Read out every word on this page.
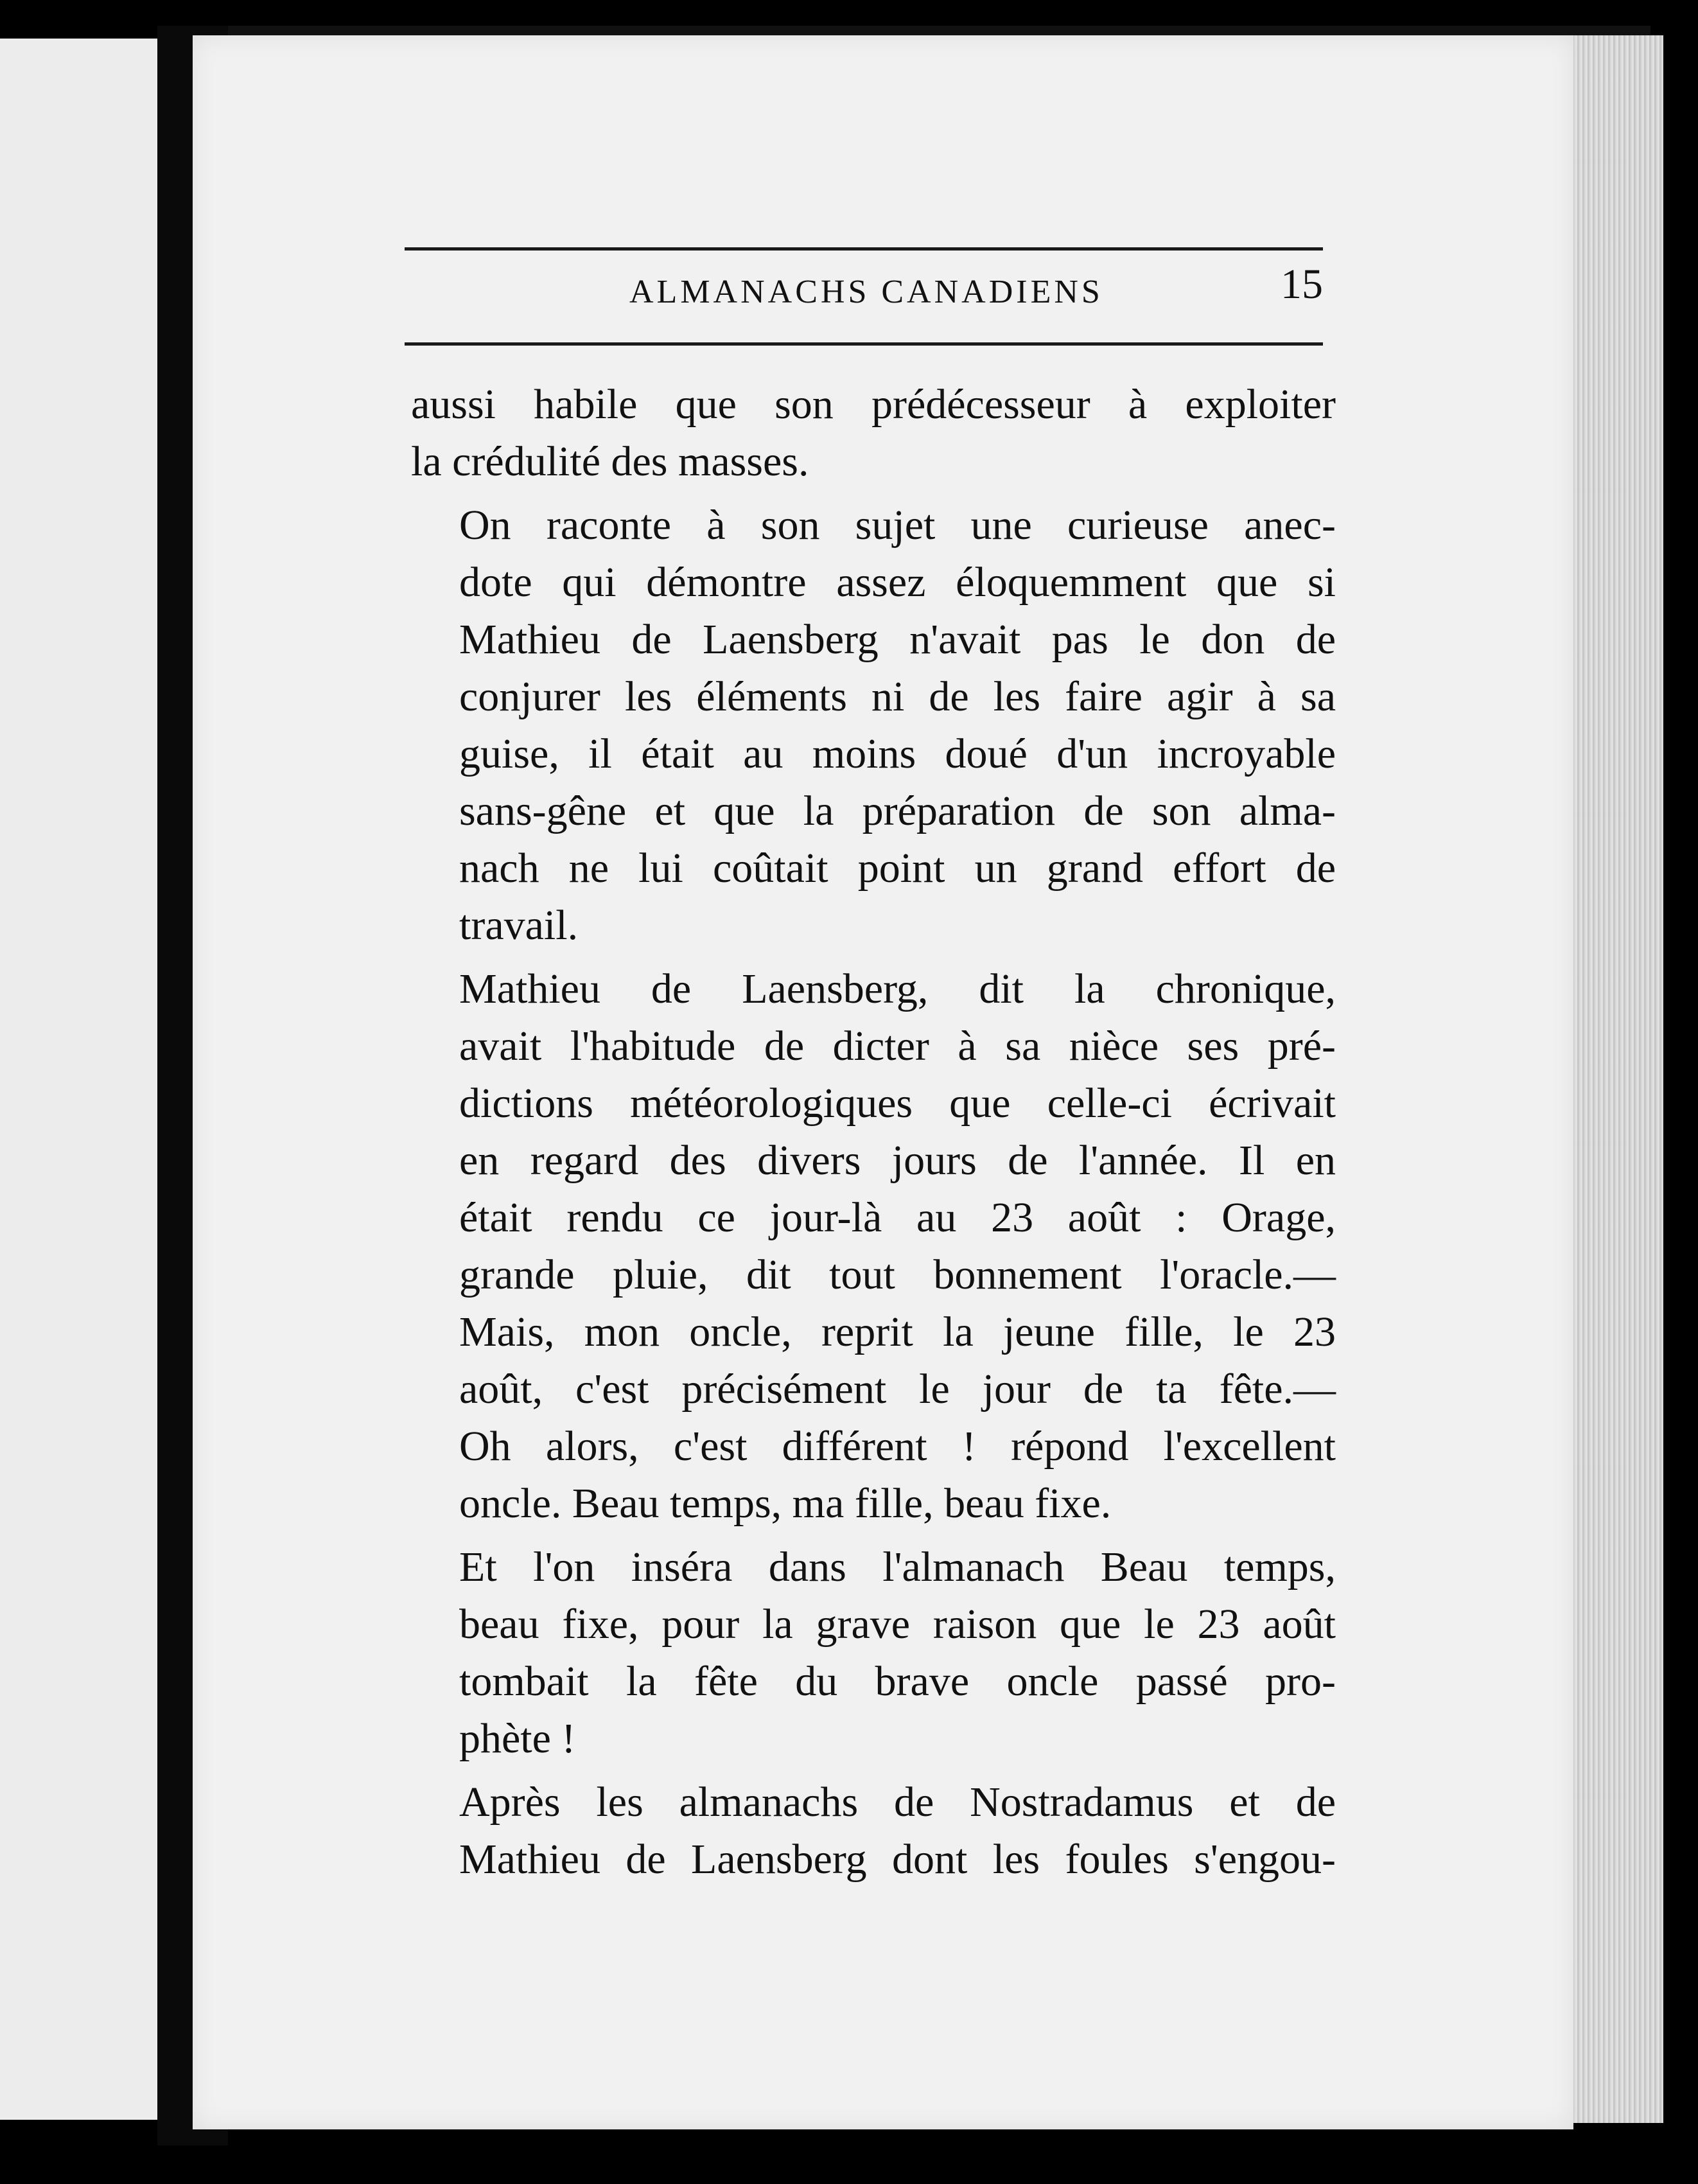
ALMANACHS CANADIENS	15

aussi habile que son prédécesseur à exploiter
la crédulité des masses.

On raconte à son sujet une curieuse anec-
dote qui démontre assez éloquemment que si
Mathieu de Laensberg n'avait pas le don de
conjurer les éléments ni de les faire agir à sa
guise, il était au moins doué d'un incroyable
sans-gêne et que la préparation de son alma-
nach ne lui coûtait point un grand effort de
travail.

Mathieu de Laensberg, dit la chronique,
avait l'habitude de dicter à sa nièce ses pré-
dictions météorologiques que celle-ci écrivait
en regard des divers jours de l'année. Il en
était rendu ce jour-là au 23 août : Orage,
grande pluie, dit tout bonnement l'oracle.—
Mais, mon oncle, reprit la jeune fille, le 23
août, c'est précisément le jour de ta fête.—
Oh alors, c'est différent ! répond l'excellent
oncle. Beau temps, ma fille, beau fixe.

Et l'on inséra dans l'almanach Beau temps,
beau fixe, pour la grave raison que le 23 août
tombait la fête du brave oncle passé pro-
phète !

Après les almanachs de Nostradamus et de
Mathieu de Laensberg dont les foules s'engou-
